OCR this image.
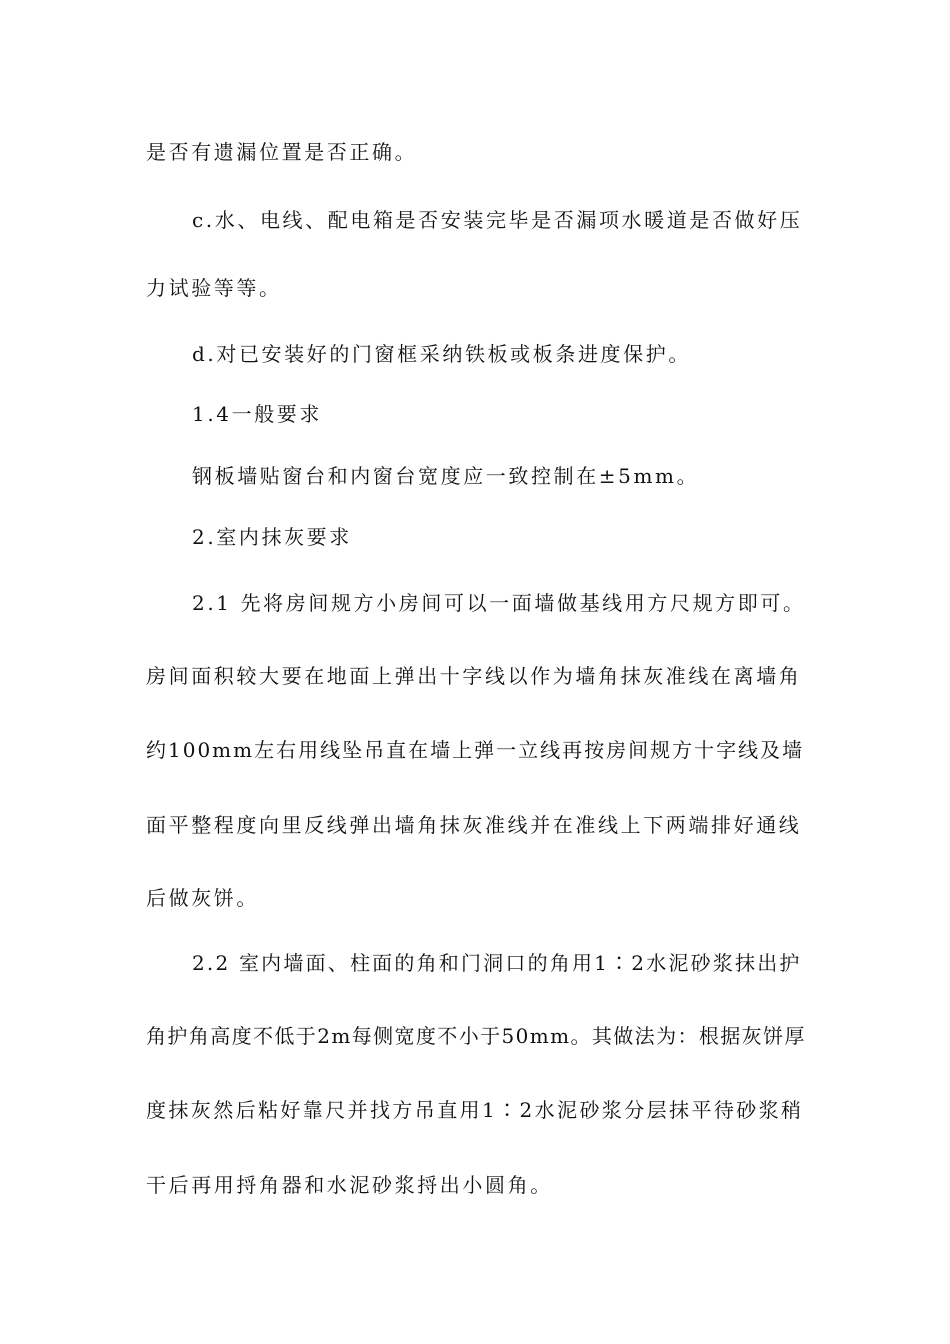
是否有遗漏位置是否正确。
c.水、电线、配电箱是否安装完毕是否漏项水暖道是否做好压
力试验等等。
d.对已安装好的门窗框采纳铁板或板条进度保护。
1.4一般要求
钢板墙贴窗台和内窗台宽度应一致控制在±5mm。
2.室内抹灰要求
2.1 先将房间规方小房间可以一面墙做基线用方尺规方即可。
房间面积较大要在地面上弹出十字线以作为墙角抹灰准线在离墙角
约100mm左右用线坠吊直在墙上弹一立线再按房间规方十字线及墙
面平整程度向里反线弹出墙角抹灰准线并在准线上下两端排好通线
后做灰饼。
2.2 室内墙面、柱面的角和门洞口的角用1∶2水泥砂浆抹出护
角护角高度不低于2m每侧宽度不小于50mm。其做法为：根据灰饼厚
度抹灰然后粘好靠尺并找方吊直用1∶2水泥砂浆分层抹平待砂浆稍
干后再用捋角器和水泥砂浆捋出小圆角。
